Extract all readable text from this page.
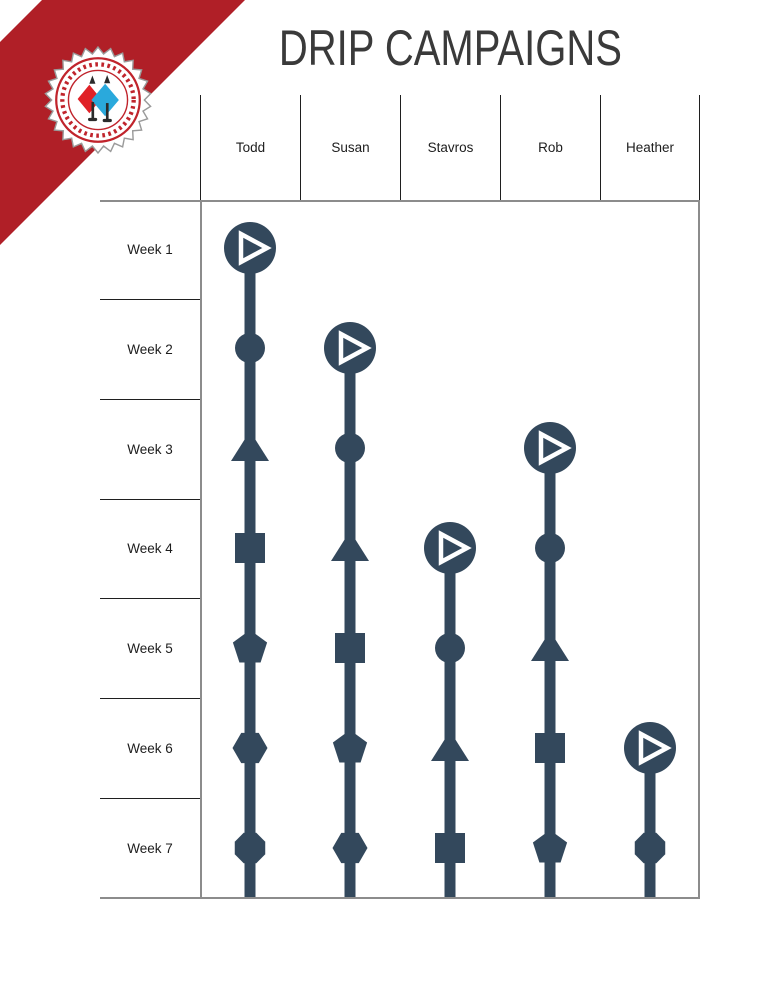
DRIP CAMPAIGNS
Todd	Susan	Stavros	Rob	Heather
Week 1
Week 2
Week 3
Week 4
Week 5
Week 6
Week 7
